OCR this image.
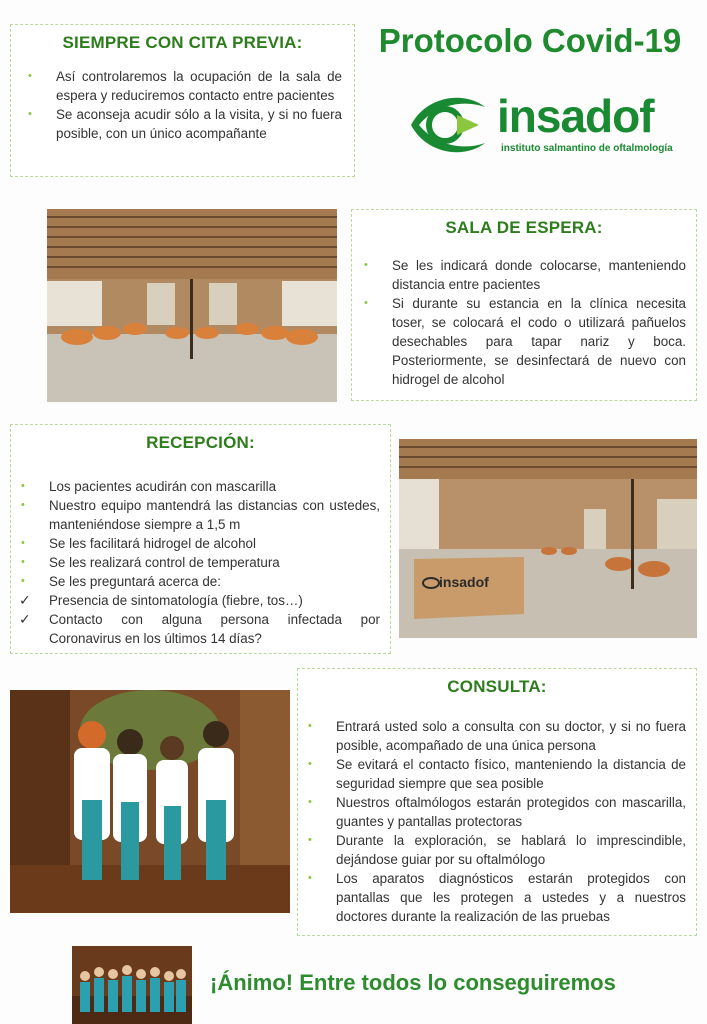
SIEMPRE CON CITA PREVIA:
• Así controlaremos la ocupación de la sala de espera y reduciremos contacto entre pacientes
• Se aconseja acudir sólo a la visita, y si no fuera posible, con un único acompañante
Protocolo Covid-19
insadof
instituto salmantino de oftalmología
SALA DE ESPERA:
• Se les indicará donde colocarse, manteniendo distancia entre pacientes
• Si durante su estancia en la clínica necesita toser, se colocará el codo o utilizará pañuelos desechables para tapar nariz y boca. Posteriormente, se desinfectará de nuevo con hidrogel de alcohol
RECEPCIÓN:
• Los pacientes acudirán con mascarilla
• Nuestro equipo mantendrá las distancias con ustedes, manteniéndose siempre a 1,5 m
• Se les facilitará hidrogel de alcohol
• Se les realizará control de temperatura
• Se les preguntará acerca de:
✓ Presencia de sintomatología (fiebre, tos…)
✓ Contacto con alguna persona infectada por Coronavirus en los últimos 14 días?
insadof
CONSULTA:
• Entrará usted solo a consulta con su doctor, y si no fuera posible, acompañado de una única persona
• Se evitará el contacto físico, manteniendo la distancia de seguridad siempre que sea posible
• Nuestros oftalmólogos estarán protegidos con mascarilla, guantes y pantallas protectoras
• Durante la exploración, se hablará lo imprescindible, dejándose guiar por su oftalmólogo
• Los aparatos diagnósticos estarán protegidos con pantallas que les protegen a ustedes y a nuestros doctores durante la realización de las pruebas

¡Ánimo! Entre todos lo conseguiremos
